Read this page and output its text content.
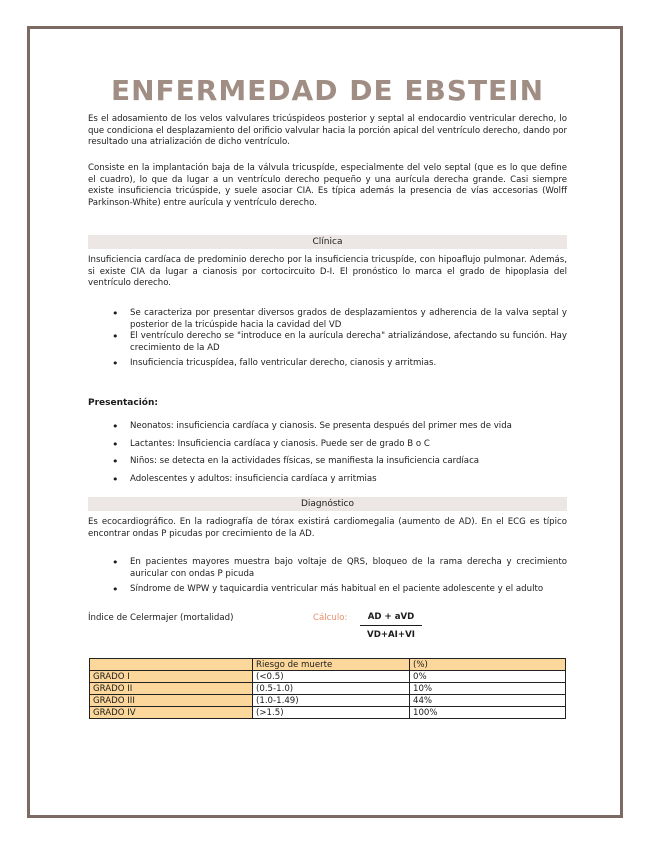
ENFERMEDAD DE EBSTEIN
Es el adosamiento de los velos valvulares tricúspideos posterior y septal al endocardio ventricular derecho, lo que condiciona el desplazamiento del orificio valvular hacia la porción apical del ventrículo derecho, dando por resultado una atrialización de dicho ventrículo.
Consiste en la implantación baja de la válvula tricuspíde, especialmente del velo septal (que es lo que define el cuadro), lo que da lugar a un ventrículo derecho pequeño y una aurícula derecha grande. Casi siempre existe insuficiencia tricúspide, y suele asociar CIA. Es típica además la presencia de vías accesorias (Wolff Parkinson-White) entre aurícula y ventrículo derecho.
Clínica
Insuficiencia cardíaca de predominio derecho por la insuficiencia tricuspíde, con hipoaflujo pulmonar. Además, si existe CIA da lugar a cianosis por cortocircuito D-I. El pronóstico lo marca el grado de hipoplasia del ventrículo derecho.
• Se caracteriza por presentar diversos grados de desplazamientos y adherencia de la valva septal y posterior de la tricúspide hacia la cavidad del VD
• El ventrículo derecho se "introduce en la aurícula derecha" atrializándose, afectando su función. Hay crecimiento de la AD
• Insuficiencia tricuspídea, fallo ventricular derecho, cianosis y arritmias.
Presentación:
• Neonatos: insuficiencia cardíaca y cianosis. Se presenta después del primer mes de vida
• Lactantes: Insuficiencia cardíaca y cianosis. Puede ser de grado B o C
• Niños: se detecta en la actividades físicas, se manifiesta la insuficiencia cardíaca
• Adolescentes y adultos: insuficiencia cardíaca y arritmias
Diagnóstico
Es ecocardiográfico. En la radiografía de tórax existirá cardiomegalia (aumento de AD). En el ECG es típico encontrar ondas P picudas por crecimiento de la AD.
• En pacientes mayores muestra bajo voltaje de QRS, bloqueo de la rama derecha y crecimiento auricular con ondas P picuda
• Síndrome de WPW y taquicardia ventricular más habitual en el paciente adolescente y el adulto
Índice de Celermajer (mortalidad)	Cálculo:	AD + aVD
VD+AI+VI
	Riesgo de muerte	(%)
GRADO I	(<0.5)	0%
GRADO II	(0.5-1.0)	10%
GRADO III	(1.0-1.49)	44%
GRADO IV	(>1.5)	100%
